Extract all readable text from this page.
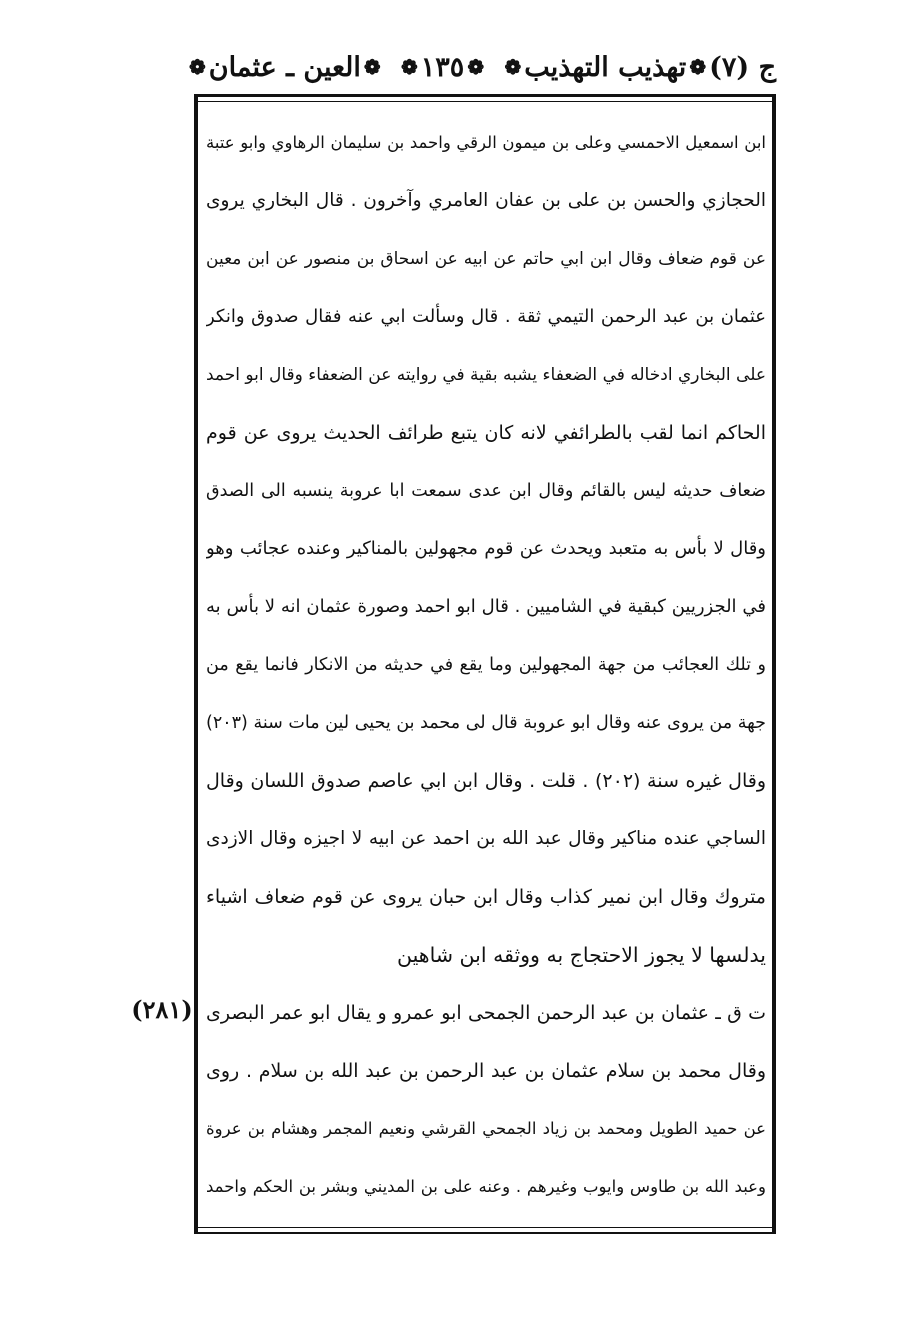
ج (٧)
❁
تهذيب التهذيب
❁
❁
١٣٥
❁
❁
العين ـ عثمان
❁
ابن اسمعيل الاحمسي وعلى بن ميمون الرقي واحمد بن سليمان الرهاوي وابو عتبة
الحجازي والحسن بن على بن عفان العامري وآخرون . قال البخاري يروى
عن قوم ضعاف وقال ابن ابي حاتم عن ابيه عن اسحاق بن منصور عن ابن معين
عثمان بن عبد الرحمن التيمي ثقة . قال وسألت ابي عنه فقال صدوق وانكر
على البخاري ادخاله في الضعفاء يشبه بقية في روايته عن الضعفاء وقال ابو احمد
الحاكم انما لقب بالطرائفي لانه كان يتبع طرائف الحديث يروى عن قوم
ضعاف حديثه ليس بالقائم وقال ابن عدى سمعت ابا عروبة ينسبه الى الصدق
وقال لا بأس به متعبد ويحدث عن قوم مجهولين بالمناكير وعنده عجائب وهو
في الجزريين كبقية في الشاميين . قال ابو احمد وصورة عثمان انه لا بأس به
و تلك العجائب من جهة المجهولين وما يقع في حديثه من الانكار فانما يقع من
جهة من يروى عنه وقال ابو عروبة قال لى محمد بن يحيى لين مات سنة (٢٠٣)
وقال غيره سنة (٢٠٢) . قلت . وقال ابن ابي عاصم صدوق اللسان وقال
الساجي عنده مناكير وقال عبد الله بن احمد عن ابيه لا اجيزه وقال الازدى
متروك وقال ابن نمير كذاب وقال ابن حبان يروى عن قوم ضعاف اشياء
يدلسها لا يجوز الاحتجاج به ووثقه ابن شاهين
ت ق ـ عثمان بن عبد الرحمن الجمحى ابو عمرو و يقال ابو عمر البصرى
وقال محمد بن سلام عثمان بن عبد الرحمن بن عبد الله بن سلام . روى
عن حميد الطويل ومحمد بن زياد الجمحي القرشي ونعيم المجمر وهشام بن عروة
وعبد الله بن طاوس وايوب وغيرهم . وعنه على بن المديني وبشر بن الحكم واحمد
(٢٨١)
